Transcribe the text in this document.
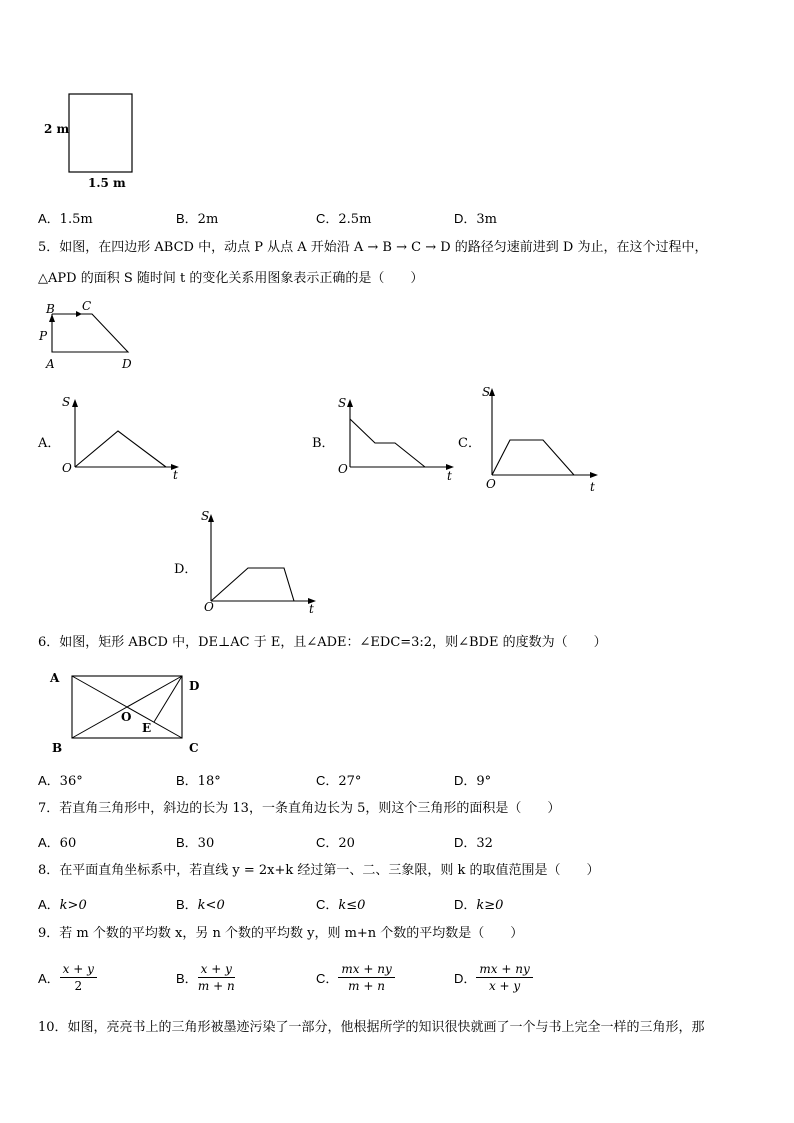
2 m
1.5 m
A．1.5m	B．2m	C．2.5m	D．3m
5．如图，在四边形 ABCD 中，动点 P 从点 A 开始沿 A → B → C → D 的路径匀速前进到 D 为止，在这个过程中，
△APD 的面积 S 随时间 t 的变化关系用图象表示正确的是（　　）
B C
P
A	D
A．
S
O	t
B．
S
O	t
C．
S
O	t
D．
S
O	t
6．如图，矩形 ABCD 中，DE⊥AC 于 E，且∠ADE：∠EDC=3:2，则∠BDE 的度数为（　　）
A
D
O
E
B	C
A．36°	B．18°	C．27°	D．9°
7．若直角三角形中，斜边的长为 13，一条直角边长为 5，则这个三角形的面积是（　　）
A．60	B．30	C．20	D．32
8．在平面直角坐标系中，若直线 y = 2x+k 经过第一、二、三象限，则 k 的取值范围是（　　）
A．k>0	B．k<0	C．k≤0	D．k≥0
9．若 m 个数的平均数 x，另 n 个数的平均数 y，则 m+n 个数的平均数是（　　）
A． $\frac{x + y}{2}$	B． $\frac{x + y}{m + n}$	C． $\frac{mx + ny}{m + n}$	D． $\frac{mx + ny}{x + y}$
10．如图，亮亮书上的三角形被墨迹污染了一部分，他根据所学的知识很快就画了一个与书上完全一样的三角形，那
